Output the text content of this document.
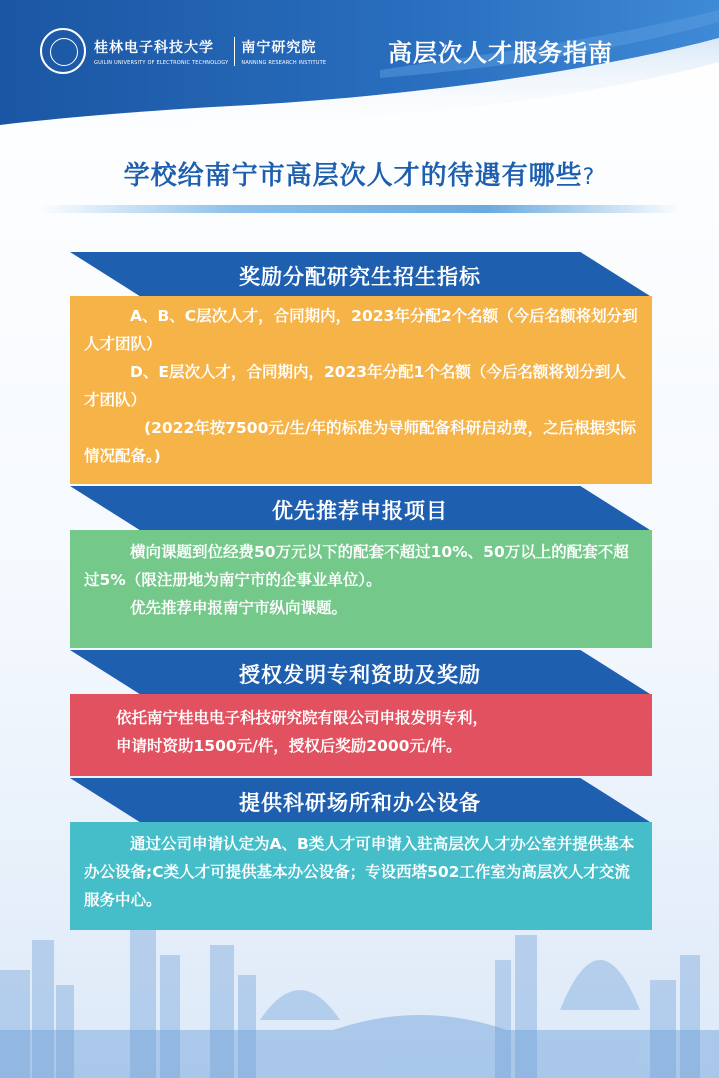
桂林电子科技大学
GUILIN UNIVERSITY OF ELECTRONIC TECHNOLOGY
南宁研究院
NANNING RESEARCH INSTITUTE	高层次人才服务指南
学校给南宁市高层次人才的待遇有哪些?
奖励分配研究生招生指标

A、B、C层次人才，合同期内，2023年分配2个名额（今后名额将划分到人才团队）

D、E层次人才，合同期内，2023年分配1个名额（今后名额将划分到人才团队）

(2022年按7500元/生/年的标准为导师配备科研启动费，之后根据实际情况配备。)

优先推荐申报项目

横向课题到位经费50万元以下的配套不超过10%、50万以上的配套不超过5%（限注册地为南宁市的企事业单位）。

优先推荐申报南宁市纵向课题。

授权发明专利资助及奖励

依托南宁桂电电子科技研究院有限公司申报发明专利，

申请时资助1500元/件，授权后奖励2000元/件。

提供科研场所和办公设备

通过公司申请认定为A、B类人才可申请入驻高层次人才办公室并提供基本办公设备;C类人才可提供基本办公设备；专设西塔502工作室为高层次人才交流服务中心。
